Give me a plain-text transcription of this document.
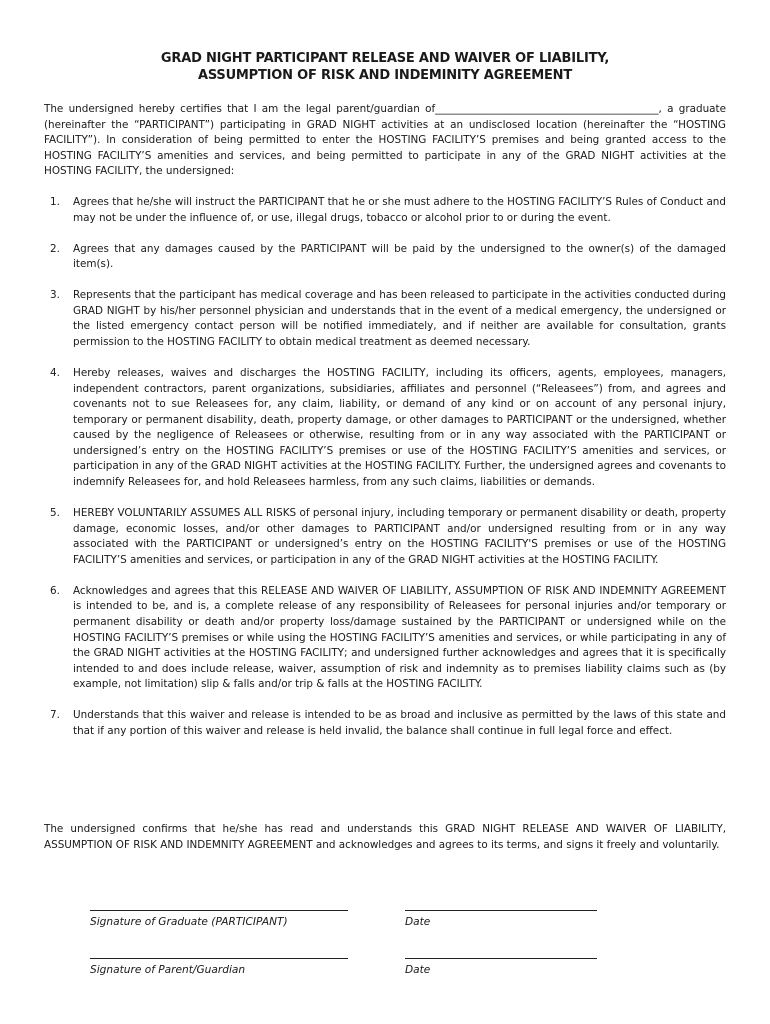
GRAD NIGHT PARTICIPANT RELEASE AND WAIVER OF LIABILITY,
ASSUMPTION OF RISK AND INDEMINITY AGREEMENT
The undersigned hereby certifies that I am the legal parent/guardian of___________________________________________, a graduate (hereinafter the “PARTICIPANT”) participating in GRAD NIGHT activities at an undisclosed location (hereinafter the “HOSTING FACILITY”). In consideration of being permitted to enter the HOSTING FACILITY’S premises and being granted access to the HOSTING FACILITY’S amenities and services, and being permitted to participate in any of the GRAD NIGHT activities at the HOSTING FACILITY, the undersigned:
1. Agrees that he/she will instruct the PARTICIPANT that he or she must adhere to the HOSTING FACILITY’S Rules of Conduct and may not be under the influence of, or use, illegal drugs, tobacco or alcohol prior to or during the event.
2. Agrees that any damages caused by the PARTICIPANT will be paid by the undersigned to the owner(s) of the damaged item(s).
3. Represents that the participant has medical coverage and has been released to participate in the activities conducted during GRAD NIGHT by his/her personnel physician and understands that in the event of a medical emergency, the undersigned or the listed emergency contact person will be notified immediately, and if neither are available for consultation, grants permission to the HOSTING FACILITY to obtain medical treatment as deemed necessary.
4. Hereby releases, waives and discharges the HOSTING FACILITY, including its officers, agents, employees, managers, independent contractors, parent organizations, subsidiaries, affiliates and personnel (“Releasees”) from, and agrees and covenants not to sue Releasees for, any claim, liability, or demand of any kind or on account of any personal injury, temporary or permanent disability, death, property damage, or other damages to PARTICIPANT or the undersigned, whether caused by the negligence of Releasees or otherwise, resulting from or in any way associated with the PARTICIPANT or undersigned’s entry on the HOSTING FACILITY’S premises or use of the HOSTING FACILITY’S amenities and services, or participation in any of the GRAD NIGHT activities at the HOSTING FACILITY. Further, the undersigned agrees and covenants to indemnify Releasees for, and hold Releasees harmless, from any such claims, liabilities or demands.
5. HEREBY VOLUNTARILY ASSUMES ALL RISKS of personal injury, including temporary or permanent disability or death, property damage, economic losses, and/or other damages to PARTICIPANT and/or undersigned resulting from or in any way associated with the PARTICIPANT or undersigned’s entry on the HOSTING FACILITY'S premises or use of the HOSTING FACILITY’S amenities and services, or participation in any of the GRAD NIGHT activities at the HOSTING FACILITY.
6. Acknowledges and agrees that this RELEASE AND WAIVER OF LIABILITY, ASSUMPTION OF RISK AND INDEMNITY AGREEMENT is intended to be, and is, a complete release of any responsibility of Releasees for personal injuries and/or temporary or permanent disability or death and/or property loss/damage sustained by the PARTICIPANT or undersigned while on the HOSTING FACILITY’S premises or while using the HOSTING FACILITY’S amenities and services, or while participating in any of the GRAD NIGHT activities at the HOSTING FACILITY; and undersigned further acknowledges and agrees that it is specifically intended to and does include release, waiver, assumption of risk and indemnity as to premises liability claims such as (by example, not limitation) slip & falls and/or trip & falls at the HOSTING FACILITY.
7. Understands that this waiver and release is intended to be as broad and inclusive as permitted by the laws of this state and that if any portion of this waiver and release is held invalid, the balance shall continue in full legal force and effect.
The undersigned confirms that he/she has read and understands this GRAD NIGHT RELEASE AND WAIVER OF LIABILITY, ASSUMPTION OF RISK AND INDEMNITY AGREEMENT and acknowledges and agrees to its terms, and signs it freely and voluntarily.
Signature of Graduate (PARTICIPANT)	Date
Signature of Parent/Guardian	Date
